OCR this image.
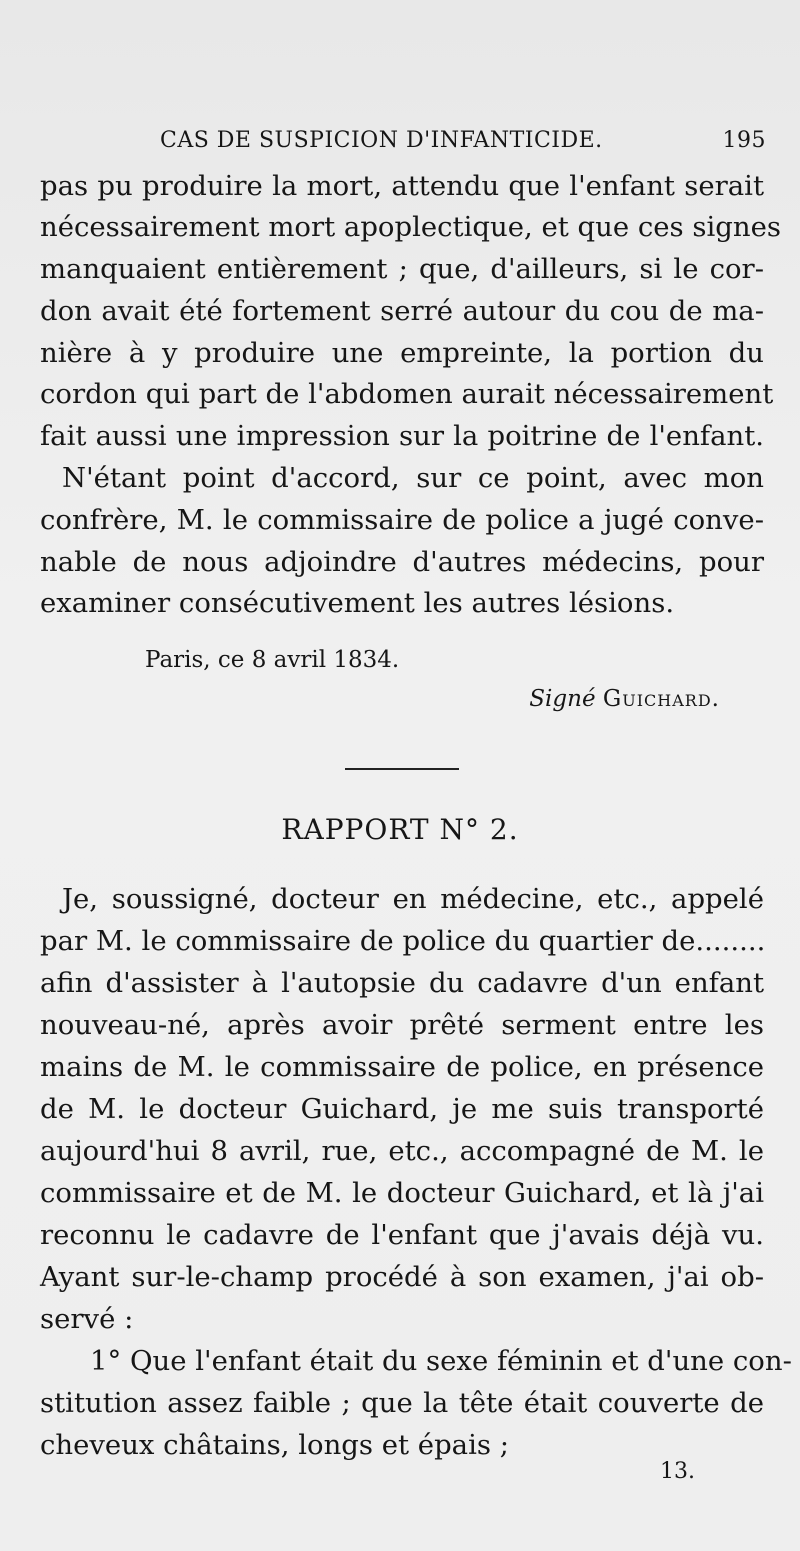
CAS DE SUSPICION D'INFANTICIDE.	195
pas pu produire la mort, attendu que l'enfant serait
nécessairement mort apoplectique, et que ces signes
manquaient entièrement ; que, d'ailleurs, si le cor-
don avait été fortement serré autour du cou de ma-
nière à y produire une empreinte, la portion du
cordon qui part de l'abdomen aurait nécessairement
fait aussi une impression sur la poitrine de l'enfant.
N'étant point d'accord, sur ce point, avec mon
confrère, M. le commissaire de police a jugé conve-
nable de nous adjoindre d'autres médecins, pour
examiner consécutivement les autres lésions.
Paris, ce 8 avril 1834.
Signé Guichard.
RAPPORT N° 2.
Je, soussigné, docteur en médecine, etc., appelé
par M. le commissaire de police du quartier de........
afin d'assister à l'autopsie du cadavre d'un enfant
nouveau-né, après avoir prêté serment entre les
mains de M. le commissaire de police, en présence
de M. le docteur Guichard, je me suis transporté
aujourd'hui 8 avril, rue, etc., accompagné de M. le
commissaire et de M. le docteur Guichard, et là j'ai
reconnu le cadavre de l'enfant que j'avais déjà vu.
Ayant sur-le-champ procédé à son examen, j'ai ob-
servé :
1° Que l'enfant était du sexe féminin et d'une con-
stitution assez faible ; que la tête était couverte de
cheveux châtains, longs et épais ;
13.
